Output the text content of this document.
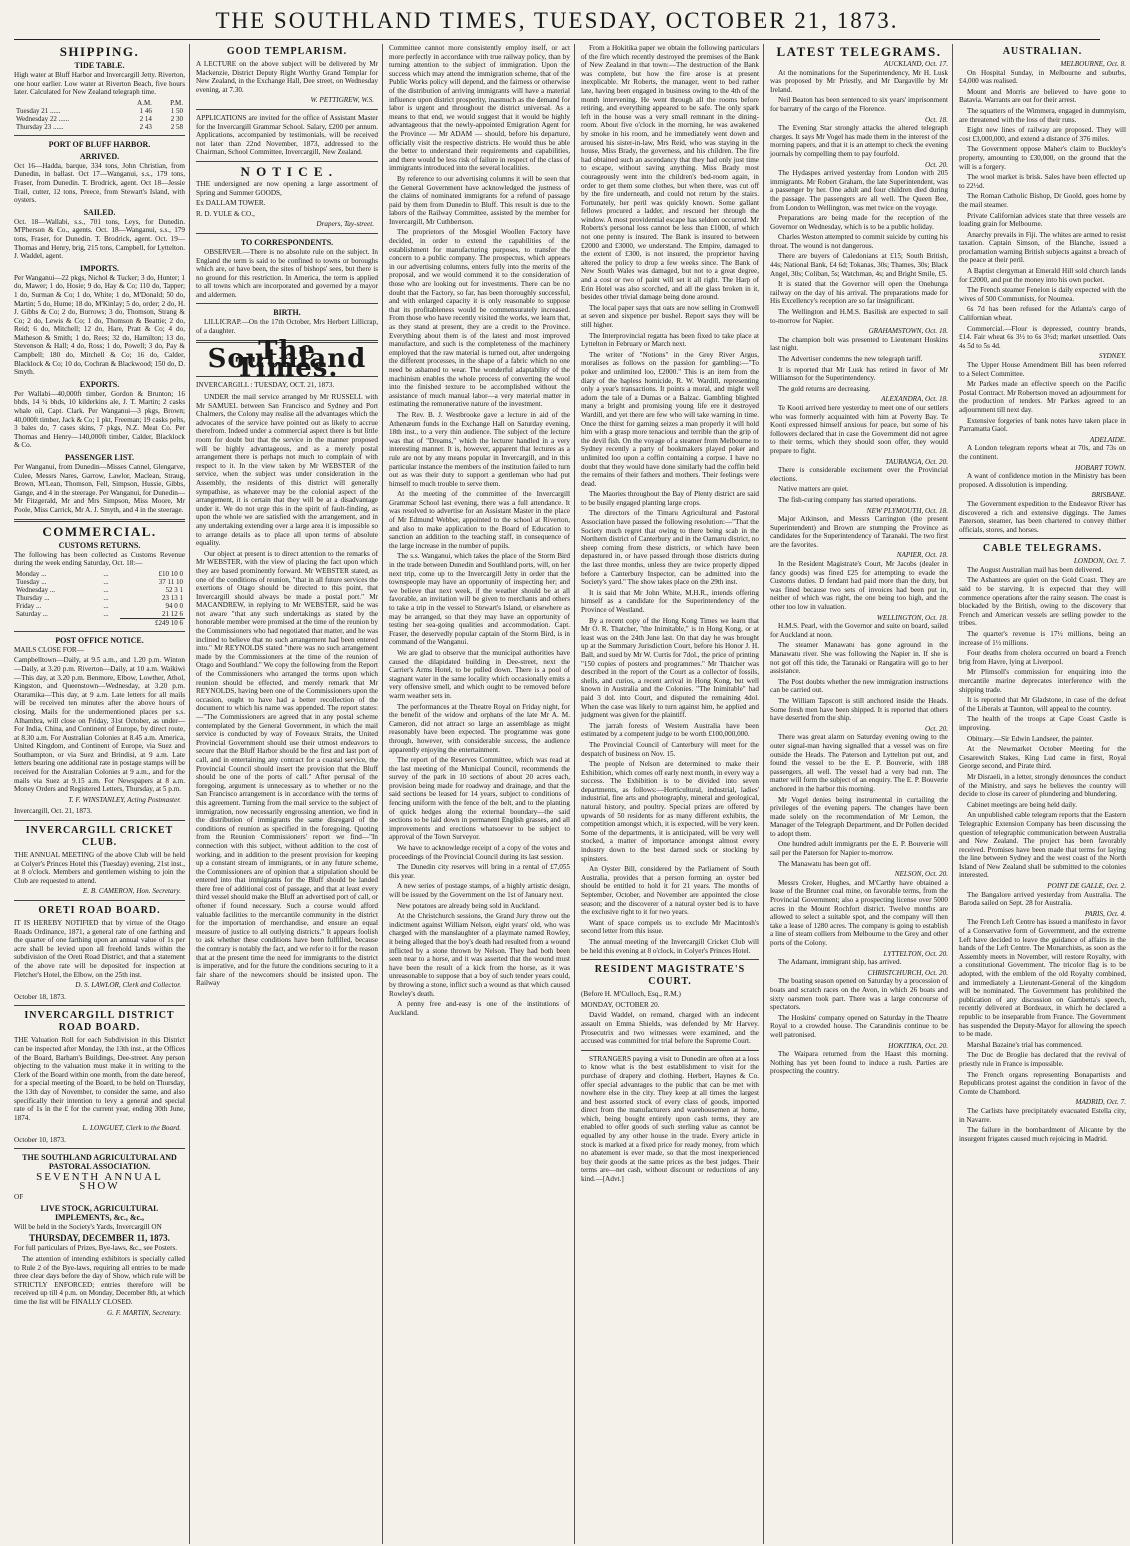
THE SOUTHLAND TIMES, TUESDAY, OCTOBER 21, 1873.
SHIPPING.
TIDE TABLE.

High water at Bluff Harbor and Invercargill Jetty. Riverton, one hour earlier. Low water at Riverton Beach, five hours later. Calculated for New Zealand telegraph time.

	A.M.	P.M.
Tuesday 21 ......	1 46	1 50
Wednesday 22 ......	2 14	2 30
Thursday 23 ......	2 43	2 58
PORT OF BLUFF HARBOR.
ARRIVED.

Oct 16—Hadda, barque, 334 tons, John Christian, from Dunedin, in ballast. Oct 17—Wanganui, s.s., 179 tons, Fraser, from Dunedin. T. Brodrick, agent. Oct 18—Jessie Trail, cutter, 12 tons, Preece, from Stewart's Island, with oysters.

SAILED.

Oct. 18—Wallabi, s.s., 701 tons, Leys, for Dunedin. M'Pherson & Co., agents. Oct. 18—Wanganui, s.s., 179 tons, Fraser, for Dunedin. T. Brodrick, agent. Oct. 19—Thomas and Henry, brig, 215 tons, Campbell, for Lyttelton. J. Waddel, agent.

IMPORTS.

Per Wanganui—22 pkgs, Nichol & Tucker; 3 do, Hunter; 1 do, Mawer; 1 do, Hosie; 9 do, Hay & Co; 110 do, Tapper; 1 do, Surman & Co; 1 do, White; 1 do, M'Donald; 50 do, Martin; 5 do, Hume; 18 do, M'Kinlay; 5 do, order; 2 do, H. J. Gibbs & Co; 2 do, Burrows; 3 do, Thomson, Strang & Co; 2 do, Lewis & Co; 1 do, Thomson & Beattie; 2 do, Reid; 6 do, Mitchell; 12 do, Hare, Pratt & Co; 4 do, Matheson & Smith; 1 do, Rees; 32 do, Hamilton; 13 do, Stevenson & Hall; 4 do, Ross; 1 do, Powell; 3 do, Pay & Campbell; 180 do, Mitchell & Co; 16 do, Calder, Blacklock & Co; 10 do, Cochran & Blackwood; 150 do, D. Smyth.

EXPORTS.

Per Wallabi—40,000ft timber, Gordon & Brunton; 16 bhds, 14 ¼ bhds, 10 kilderkins ale, J. T. Martin; 2 casks whale oil, Capt. Clark. Per Wanganui—3 pkgs, Brown; 40,000ft timber, Jack & Co; 1 pkt, Freeman; 19 casks pelts, 3 bales do, 7 cases skins, 7 pkgs, N.Z. Meat Co. Per Thomas and Henry—140,000ft timber, Calder, Blacklock & Co.

PASSENGER LIST.

Per Wanganui, from Dunedin—Misses Cannel, Glengarve, Culee, Messrs Nares, Garrow, Lawlor, Maclean, Straug, Brown, M'Lean, Thomson, Fell, Simpson, Hussie, Gibbs, Gange, and 4 in the steerage. Per Wanganui, for Dunedin—Mr Fitzgerald, Mr and Mrs Simpson, Miss Moore, Mr Poole, Miss Carrick, Mr A. J. Smyth, and 4 in the steerage.

COMMERCIAL.
CUSTOMS RETURNS.

The following has been collected as Customs Revenue during the week ending Saturday, Oct. 18:—

Monday ...	...	£10 10 0
Tuesday ...	...	37 11 10
Wednesday ...	...	52 3 1
Thursday ...	...	23 13 1
Friday ...	...	94 0 0
Saturday ...	...	21 12 6
		£249 10 6
POST OFFICE NOTICE.

MAILS CLOSE FOR—

Campbelltown—Daily, at 9.5 a.m., and 1.20 p.m. Winton—Daily, at 3.20 p.m. Riverton—Daily, at 10 a.m. Waikiwi—This day, at 3.20 p.m. Benmore, Elbow, Lowther, Athol, Kingston, and Queenstown—Wednesday, at 3.20 p.m. Otaramika—This day, at 9 a.m. Late letters for all mails will be received ten minutes after the above hours of closing. Mails for the undermentioned places per s.s. Alhambra, will close on Friday, 31st October, as under— For India, China, and Continent of Europe, by direct route, at 8.30 a.m. For Australian Colonies at 8.45 a.m. America, United Kingdom, and Continent of Europe, via Suez and Southampton, or via Suez and Brindisi, at 9 a.m. Late letters bearing one additional rate in postage stamps will be received for the Australian Colonies at 9 a.m., and for the mails via Suez at 9.15 a.m. For Newspapers at 8 a.m. Money Orders and Registered Letters, Thursday, at 5 p.m.

T. F. WINSTANLEY, Acting Postmaster.

Invercargill, Oct. 21, 1873.

INVERCARGILL CRICKET CLUB.

THE ANNUAL MEETING of the above Club will be held at Colyer's Princes Hotel this (Tuesday) evening, 21st inst., at 8 o'clock. Members and gentlemen wishing to join the Club are requested to attend.

E. B. CAMERON, Hon. Secretary.
ORETI ROAD BOARD.

IT IS HEREBY NOTIFIED that by virtue of the Otago Roads Ordinance, 1871, a general rate of one farthing and the quarter of one farthing upon an annual value of 1s per acre shall be levied upon all freehold lands within the subdivision of the Oreti Road District, and that a statement of the above rate will be deposited for inspection at Fletcher's Hotel, the Elbow, on the 25th inst.

D. S. LAWLOR, Clerk and Collector.

October 18, 1873.

INVERCARGILL DISTRICT ROAD BOARD.

THE Valuation Roll for each Subdivision in this District can be inspected after Monday, the 13th inst., at the Offices of the Board, Barham's Buildings, Dee-street. Any person objecting to the valuation must make it in writing to the Clerk of the Board within one month, from the date hereof, for a special meeting of the Board, to be held on Thursday, the 13th day of November, to consider the same, and also specifically their intention to levy a general and special rate of 1s in the £ for the current year, ending 30th June, 1874.

L. LONGUET, Clerk to the Board.

October 10, 1873.

THE SOUTHLAND AGRICULTURAL AND PASTORAL ASSOCIATION.
SEVENTH ANNUAL SHOW

OF

LIVE STOCK, AGRICULTURAL IMPLEMENTS, &c., &c.,

Will be held in the Society's Yards, Invercargill ON

THURSDAY, DECEMBER 11, 1873.

For full particulars of Prizes, Bye-laws, &c., see Posters.

The attention of intending exhibitors is specially called to Rule 2 of the Bye-laws, requiring all entries to be made three clear days before the day of Show, which rule will be STRICTLY ENFORCED; entries therefore will be received up till 4 p.m. on Monday, December 8th, at which time the list will be FINALLY CLOSED.

G. F. MARTIN, Secretary.
GOOD TEMPLARISM.

A LECTURE on the above subject will be delivered by Mr Mackenzie, District Deputy Right Worthy Grand Templar for New Zealand, in the Exchange Hall, Dee street, on Wednesday evening, at 7.30.

W. PETTIGREW, W.S.

APPLICATIONS are invited for the office of Assistant Master for the Invercargill Grammar School. Salary, £200 per annum. Applications, accompanied by testimonials, will be received not later than 22nd November, 1873, addressed to the Chairman, School Committee, Invercargill, New Zealand.

N O T I C E .

THE undersigned are now opening a large assortment of Spring and Summer GOODS,

Ex DALLAM TOWER.

R. D. YULE & CO.,

Drapers, Tay-street.
TO CORRESPONDENTS.

OBSERVER.—There is no absolute rule on the subject. In England the term is said to be confined to towns or boroughs which are, or have been, the sites of bishops' sees, but there is no ground for this restriction. In America, the term is applied to all towns which are incorporated and governed by a mayor and aldermen.

BIRTH.

LILLICRAP.—On the 17th October, Mrs Herbert Lillicrap, of a daughter.

The Southland Times.
INVERCARGILL : TUESDAY, OCT. 21, 1873.

UNDER the mail service arranged by Mr RUSSELL with Mr SAMUEL between San Francisco and Sydney and Port Chalmers, the Colony may realise all the advantages which the advocates of the service have pointed out as likely to accrue therefrom. Indeed under a commercial aspect there is but little room for doubt but that the service in the manner proposed will be highly advantageous, and as a merely postal arrangement there is perhaps not much to complain of with respect to it. In the view taken by Mr WEBSTER of the service, when the subject was under consideration in the Assembly, the residents of this district will generally sympathise, as whatever may be the colonial aspect of the arrangement, it is certain that they will be at a disadvantage under it. We do not urge this in the spirit of fault-finding, as upon the whole we are satisfied with the arrangement, and in any undertaking extending over a large area it is impossible so to arrange details as to place all upon terms of absolute equality.

Our object at present is to direct attention to the remarks of Mr WEBSTER, with the view of placing the fact upon which they are based prominently forward. Mr WEBSTER stated, as one of the conditions of reunion, "that in all future services the exertions of Otago should be directed to this point, that Invercargill should always be made a postal port." Mr MACANDREW, in replying to Mr WEBSTER, said he was not aware "that any such undertakings as stated by the honorable member were promised at the time of the reunion by the Commissioners who had negotiated that matter, and he was inclined to believe that no such arrangement had been entered into." Mr REYNOLDS stated "there was no such arrangement made by the Commissioners at the time of the reunion of Otago and Southland." We copy the following from the Report of the Commissioners who arranged the terms upon which reunion should be effected, and merely remark that Mr REYNOLDS, having been one of the Commissioners upon the occasion, ought to have had a better recollection of the document to which his name was appended. The report states:—"The Commissioners are agreed that in any postal scheme contemplated by the General Government, in which the mail service is conducted by way of Foveaux Straits, the United Provincial Government should use their utmost endeavors to secure that the Bluff Harbor should be the first and last port of call, and in entertaining any contract for a coastal service, the Provincial Council should insert the provision that the Bluff should be one of the ports of call." After perusal of the foregoing, argument is unnecessary as to whether or no the San Francisco arrangement is in accordance with the terms of this agreement. Turning from the mail service to the subject of immigration, now necessarily engrossing attention, we find in the distribution of immigrants the same disregard of the conditions of reunion as specified in the foregoing. Quoting from the Reunion Commissioners' report we find—"In connection with this subject, without addition to the cost of working, and in addition to the present provision for keeping up a constant stream of immigrants, or in any future scheme, the Commissioners are of opinion that a stipulation should be entered into that immigrants for the Bluff should be landed there free of additional cost of passage, and that at least every third vessel should make the Bluff an advertised port of call, or oftener if found necessary. Such a course would afford valuable facilities to the mercantile community in the district for the importation of merchandise, and ensure an equal measure of justice to all outlying districts." It appears foolish to ask whether these conditions have been fulfilled, because the contrary is notably the fact, and we refer to it for the reason that at the present time the need for immigrants to the district is imperative, and for the future the conditions securing to it a fair share of the newcomers should be insisted upon. The Railway

Committee cannot more consistently employ itself, or act more perfectly in accordance with true railway policy, than by turning attention to the subject of immigration. Upon the success which may attend the immigration scheme, that of the Public Works policy will depend, and the fairness or otherwise of the distribution of arriving immigrants will have a material influence upon district prosperity, inasmuch as the demand for labor is urgent and throughout the district universal. As a means to that end, we would suggest that it would be highly advantageous that the newly-appointed Emigration Agent for the Province — Mr ADAM — should, before his departure, officially visit the respective districts. He would thus be able the better to understand their requirements and capabilities, and there would be less risk of failure in respect of the class of immigrants introduced into the several localities.

By reference to our advertising columns it will be seen that the General Government have acknowledged the justness of the claims of nominated immigrants for a refund of passage paid by them from Dunedin to Bluff. This result is due to the labors of the Railway Committee, assisted by the member for Invercargill, Mr Cuthbertson.

The proprietors of the Mosgiel Woollen Factory have decided, in order to extend the capabilities of the establishment for manufacturing purposes, to transfer the concern to a public company. The prospectus, which appears in our advertising columns, enters fully into the merits of the proposal, and we would commend it to the consideration of those who are looking out for investments. There can be no doubt that the Factory, so far, has been thoroughly successful, and with enlarged capacity it is only reasonable to suppose that its profitableness would be commensurately increased. From those who have recently visited the works, we learn that, as they stand at present, they are a credit to the Province. Everything about them is of the latest and most improved manufacture, and such is the completeness of the machinery employed that the raw material is turned out, after undergoing the different processes, in the shape of a fabric which no one need be ashamed to wear. The wonderful adaptability of the machinism enables the whole process of converting the wool into the finished texture to be accomplished without the assistance of much manual labor—a very material matter in estimating the remunerative nature of the investment.

The Rev. B. J. Westbrooke gave a lecture in aid of the Athenæum funds in the Exchange Hall on Saturday evening, 18th inst., to a very thin audience. The subject of the lecture was that of "Dreams," which the lecturer handled in a very interesting manner. It is, however, apparent that lectures as a rule are not by any means popular in Invercargill, and in this particular instance the members of the institution failed to turn out as was their duty to support a gentleman who had put himself to much trouble to serve them.

At the meeting of the committee of the Invercargill Grammar School last evening, there was a full attendance. It was resolved to advertise for an Assistant Master in the place of Mr Edmund Webber, appointed to the school at Riverton, and also to make application to the Board of Education to sanction an addition to the teaching staff, in consequence of the large increase in the number of pupils.

The s.s. Wanganui, which takes the place of the Storm Bird in the trade between Dunedin and Southland ports, will, on her next trip, come up to the Invercargill Jetty in order that the townspeople may have an opportunity of inspecting her; and we believe that next week, if the weather should be at all favorable, an invitation will be given to merchants and others to take a trip in the vessel to Stewart's Island, or elsewhere as may be arranged, so that they may have an opportunity of testing her sea-going qualities and accommodation. Capt. Fraser, the deservedly popular captain of the Storm Bird, is in command of the Wanganui.

We are glad to observe that the municipal authorities have caused the dilapidated building in Dee-street, next the Carrier's Arms Hotel, to be pulled down. There is a pool of stagnant water in the same locality which occasionally emits a very offensive smell, and which ought to be removed before warm weather sets in.

The performances at the Theatre Royal on Friday night, for the benefit of the widow and orphans of the late Mr A. M. Cameron, did not attract so large an assemblage as might reasonably have been expected. The programme was gone through, however, with considerable success, the audience apparently enjoying the entertainment.

The report of the Reserves Committee, which was read at the last meeting of the Municipal Council, recommends the survey of the park in 10 sections of about 20 acres each, provision being made for roadway and drainage, and that the said sections be leased for 14 years, subject to conditions of fencing uniform with the fence of the belt, and to the planting of quick hedges along the external boundary—the said sections to be laid down in permanent English grasses, and all improvements and erections whatsoever to be subject to approval of the Town Surveyor.

We have to acknowledge receipt of a copy of the votes and proceedings of the Provincial Council during its last session.

The Dunedin city reserves will bring in a rental of £7,055 this year.

A new series of postage stamps, of a highly artistic design, will be issued by the Government on the 1st of January next.

New potatoes are already being sold in Auckland.

At the Christchurch sessions, the Grand Jury threw out the indictment against William Nelson, eight years' old, who was charged with the manslaughter of a playmate named Rowley, it being alleged that the boy's death had resulted from a wound inflicted by a stone thrown by Nelson. They had both been seen near to a horse, and it was asserted that the wound must have been the result of a kick from the horse, as it was unreasonable to suppose that a boy of such tender years could, by throwing a stone, inflict such a wound as that which caused Rowley's death.

A penny free and-easy is one of the institutions of Auckland.

From a Hokitika paper we obtain the following particulars of the fire which recently destroyed the premises of the Bank of New Zealand in that town:—The destruction of the Bank was complete, but how the fire arose is at present inexplicable. Mr Roberts, the manager, went to bed rather late, having been engaged in business owing to the 4th of the month intervening. He went through all the rooms before retiring, and everything appeared to be safe. The only spark left in the house was a very small remnant in the dining-room. About five o'clock in the morning, he was awakened by smoke in his room, and he immediately went down and aroused his sister-in-law, Mrs Reid, who was staying in the house, Miss Brady, the governess, and his children. The fire had obtained such an ascendancy that they had only just time to escape, without saving anything. Miss Brady most courageously went into the children's bed-room again, in order to get them some clothes, but when there, was cut off by the fire underneath, and could not return by the stairs. Fortunately, her peril was quickly known. Some gallant fellows procured a ladder, and rescued her through the window. A most providential escape has seldom occurred. Mr Roberts's personal loss cannot be less than £1000, of which not one penny is insured. The Bank is insured to between £2000 and £3000, we understand. The Empire, damaged to the extent of £300, is not insured, the proprietor having altered the policy to drop a few weeks since. The Bank of New South Wales was damaged, but not to a great degree, and a cost or two of paint will set it all right. The Harp of Erin Hotel was also scorched, and all the glass broken in it, besides other trivial damage being done around.

The local paper says that oats are now selling in Cromwell at seven and sixpence per bushel. Report says they will be still higher.

The Interprovincial regatta has been fixed to take place at Lyttelton in February or March next.

The writer of "Notions" in the Grey River Argus, moralises as follows on the passion for gambling:—"To poker and unlimited loo, £2000." This is an item from the diary of the hapless homicide, R. W. Wardill, representing only a year's transactions. It points a moral, and might well adorn the tale of a Dumas or a Balzac. Gambling blighted many a bright and promising young life ere it destroyed Wardill, and yet there are few who will take warning in time. Once the thirst for gaming seizes a man properly it will hold him with a grasp more tenacious and terrible than the grip of the devil fish. On the voyage of a steamer from Melbourne to Sydney recently a party of bookmakers played poker and unlimited loo upon a coffin containing a corpse. I have no doubt that they would have done similarly had the coffin held the remains of their fathers and mothers. Their feelings were dead.

The Maories throughout the Bay of Plenty district are said to be busily engaged planting large crops.

The directors of the Timaru Agricultural and Pastoral Association have passed the following resolution:—"That the Society much regret that owing to there being scab in the Northern district of Canterbury and in the Oamaru district, no sheep coming from these districts, or which have been depastured in, or have passed through those districts during the last three months, unless they are twice properly dipped before a Canterbury Inspector, can be admitted into the Society's yard." The show takes place on the 29th inst.

It is said that Mr John White, M.H.R., intends offering himself as a candidate for the Superintendency of the Province of Westland.

By a recent copy of the Hong Kong Times we learn that Mr O. R. Thatcher, "the Inimitable," is in Hong Kong, or at least was on the 24th June last. On that day he was brought up at the Summary Jurisdiction Court, before his Honor J. H. Ball, and sued by Mr W. Curtis for 7dol., the price of printing "150 copies of posters and programmes." Mr Thatcher was described in the report of the Court as a collector of fossils, shells, and curios, a recent arrival in Hong Kong, but well known in Australia and the Colonies. "The Inimitable" had paid 3 dol. into Court, and disputed the remaining 4dol. When the case was likely to turn against him, he applied and judgment was given for the plaintiff.

The jarrah forests of Western Australia have been estimated by a competent judge to be worth £100,000,000.

The Provincial Council of Canterbury will meet for the despatch of business on Nov. 15.

The people of Nelson are determined to make their Exhibition, which comes off early next month, in every way a success. The Exhibition is to be divided into seven departments, as follows:—Horticultural, industrial, ladies' industrial, fine arts and photography, mineral and geological, natural history, and poultry. Special prizes are offered by upwards of 50 residents for as many different exhibits, the competition amongst which, it is expected, will be very keen. Some of the departments, it is anticipated, will be very well stocked, a matter of importance amongst almost every industry down to the best darned sock or stocking by spinsters.

An Oyster Bill, considered by the Parliament of South Australia, provides that a person forming an oyster bed should be entitled to hold it for 21 years. The months of September, October, and November are appointed the close season; and the discoverer of a natural oyster bed is to have the exclusive right to it for two years.

Want of space compels us to exclude Mr Macintosh's second letter from this issue.

The annual meeting of the Invercargill Cricket Club will be held this evening at 8 o'clock, in Colyer's Princes Hotel.

RESIDENT MAGISTRATE'S COURT.

(Before H. M'Culloch, Esq., R.M.)

MONDAY, OCTOBER 20.

David Waddel, on remand, charged with an indecent assault on Emma Shields, was defended by Mr Harvey. Prosecutrix and two witnesses were examined, and the accused was committed for trial before the Supreme Court.

STRANGERS paying a visit to Dunedin are often at a loss to know what is the best establishment to visit for the purchase of drapery and clothing. Herbert, Haynes & Co. offer special advantages to the public that can be met with nowhere else in the city. They keep at all times the largest and best assorted stock of every class of goods, imported direct from the manufacturers and warehousemen at home, which, being bought entirely upon cash terms, they are enabled to offer goods of such sterling value as cannot be equalled by any other house in the trade. Every article in stock is marked at a fixed price for ready money, from which no abatement is ever made, so that the most inexperienced buy their goods at the same prices as the best judges. Their terms are—net cash, without discount or reductions of any kind.—[Advt.]

LATEST TELEGRAMS.
AUCKLAND, Oct. 17.

At the nominations for the Superintendency, Mr H. Lusk was proposed by Mr Priestly, and Mr Dargaville by Mr Ireland.

Neil Beaton has been sentenced to six years' imprisonment for barratry of the cargo of the Florence.

Oct. 18.

The Evening Star strongly attacks the altered telegraph charges. It says Mr Vogel has made them in the interest of the morning papers, and that it is an attempt to check the evening journals by compelling them to pay fourfold.

Oct. 20.

The Hydaspes arrived yesterday from London with 205 immigrants. Mr Robert Graham, the late Superintendent, was a passenger by her. One adult and four children died during the passage. The passengers are all well. The Queen Bee, from London to Wellington, was met twice on the voyage.

Preparations are being made for the reception of the Governor on Wednesday, which is to be a public holiday.

Charles Weston attempted to commit suicide by cutting his throat. The wound is not dangerous.

There are buyers of Caledonians at £15; South British, 44s; National Bank, £4 6d; Tokanas, 30s; Thames, 30s; Black Angel, 30s; Coliban, 5s; Watchman, 4s; and Bright Smile, £5.

It is stated that the Governor will open the Onehunga railway on the day of his arrival. The preparations made for His Excellency's reception are so far insignificant.

The Wellington and H.M.S. Basilisk are expected to sail to-morrow for Napier.

GRAHAMSTOWN, Oct. 18.

The champion bolt was presented to Lieutenant Hoskins last night.

The Advertiser condemns the new telegraph tariff.

It is reported that Mr Lusk has retired in favor of Mr Williamson for the Superintendency.

The gold returns are decreasing.

ALEXANDRA, Oct. 18.

Te Kooti arrived here yesterday to meet one of our settlers who was formerly acquainted with him at Poverty Bay. Te Kooti expressed himself anxious for peace, but some of his followers declared that in case the Government did not agree to their terms, which they should soon offer, they would prepare to fight.

TAURANGA, Oct. 20.

There is considerable excitement over the Provincial elections.

Native matters are quiet.

The fish-curing company has started operations.

NEW PLYMOUTH, Oct. 18.

Major Atkinson, and Messrs Carrington (the present Superintendent) and Brown are stumping the Province as candidates for the Superintendency of Taranaki. The two first are the favorites.

NAPIER, Oct. 18.

In the Resident Magistrate's Court, Mr Jacobs (dealer in fancy goods) was fined £25 for attempting to evade the Customs duties. D fendant had paid more than the duty, but was fined because two sets of invoices had been put in, neither of which was right, the one being too high, and the other too low in valuation.

WELLINGTON, Oct. 18.

H.M.S. Pearl, with the Governor and suite on board, sailed for Auckland at noon.

The steamer Manawatu has gone aground in the Manawatu river. She was following the Napier in. If she is not got off this tide, the Taranaki or Rangatira will go to her assistance.

The Post doubts whether the new immigration instructions can be carried out.

The William Tapscott is still anchored inside the Heads. Some fresh men have been shipped. It is reported that others have deserted from the ship.

Oct. 20.

There was great alarm on Saturday evening owing to the outer signal-man having signalled that a vessel was on fire outside the Heads. The Paterson and Lyttelton put out, and found the vessel to be the E. P. Bouverie, with 188 passengers, all well. The vessel had a very bad run. The matter will form the subject of an enquiry. The E. P. Bouverie anchored in the harbor this morning.

Mr Vogel denies being instrumental in curtailing the privileges of the evening papers. The changes have been made solely on the recommendation of Mr Lemon, the Manager of the Telegraph Department, and Dr Pollen decided to adopt them.

One hundred adult immigrants per the E. P. Bouverie will sail per the Paterson for Napier to-morrow.

The Manawatu has been got off.

NELSON, Oct. 20.

Messrs Croker, Hughes, and M'Carthy have obtained a lease of the Brunner coal mine, on favorable terms, from the Provincial Government; also a prospecting license over 5000 acres in the Mount Rochfort district. Twelve months are allowed to select a suitable spot, and the company will then take a lease of 1280 acres. The company is going to establish a line of steam colliers from Melbourne to the Grey and other ports of the Colony.

LYTTELTON, Oct. 20.

The Adamant, immigrant ship, has arrived.

CHRISTCHURCH, Oct. 20.

The boating season opened on Saturday by a procession of boats and scratch races on the Avon, in which 26 boats and sixty oarsmen took part. There was a large concourse of spectators.

The Hoskins' company opened on Saturday in the Theatre Royal to a crowded house. The Carandinis continue to be well patronised.

HOKITIKA, Oct. 20.

The Waipara returned from the Haast this morning. Nothing has yet been found to induce a rush. Parties are prospecting the country.

AUSTRALIAN.
MELBOURNE, Oct. 8.

On Hospital Sunday, in Melbourne and suburbs, £4,000 was realised.

Mount and Morris are believed to have gone to Batavia. Warrants are out for their arrest.

The squatters of the Wimmera, engaged in dummyism, are threatened with the loss of their runs.

Eight new lines of railway are proposed. They will cost £3,000,000, and extend a distance of 376 miles.

The Government oppose Maher's claim to Buckley's property, amounting to £30,000, on the ground that the will is a forgery.

The wool market is brisk. Sales have been effected up to 22½d.

The Roman Catholic Bishop, Dr Goold, goes home by the mail steamer.

Private Californian advices state that three vessels are loading grain for Melbourne.

Anarchy prevails in Fiji. The whites are armed to resist taxation. Captain Simson, of the Blanche, issued a proclamation warning British subjects against a breach of the peace at their peril.

A Baptist clergyman at Emerald Hill sold church lands for £2000, and put the money into his own pocket.

The French steamer Fenelon is daily expected with the wives of 500 Communists, for Noumea.

6s 7d has been refused for the Atlanta's cargo of Californian wheat.

Commercial.—Flour is depressed, country brands, £14. Fair wheat 6s 3½ to 6s 3½d; market unsettled. Oats 4s 5d to 5s 4d.

SYDNEY.

The Upper House Amendment Bill has been referred to a Select Committee.

Mr Parkes made an effective speech on the Pacific Postal Contract. Mr Robertson moved an adjournment for the production of tenders. Mr Parkes agreed to an adjournment till next day.

Extensive forgeries of bank notes have taken place in Parramatta Gaol.

ADELAIDE.

A London telegram reports wheat at 70s, and 73s on the continent.

HOBART TOWN.

A want of confidence motion in the Ministry has been proposed. A dissolution is impending.

BRISBANE.

The Government expedition to the Endeavor River has discovered a rich and extensive diggings. The James Paterson, steamer, has been chartered to convey thither officials, stores, and horses.

CABLE TELEGRAMS.
LONDON, Oct. 7.

The August Australian mail has been delivered.

The Ashantees are quiet on the Gold Coast. They are said to be starving. It is expected that they will commence operations after the rainy season. The coast is blockaded by the British, owing to the discovery that French and American vessels are selling powder to the tribes.

The quarter's revenue is 17½ millions, being an increase of 1½ millions.

Four deaths from cholera occurred on board a French brig from Havre, lying at Liverpool.

Mr Plimsoll's commission for enquiring into the mercantile marine deprecates interference with the shipping trade.

It is reported that Mr Gladstone, in case of the defeat of the Liberals at Taunton, will appeal to the country.

The health of the troops at Cape Coast Castle is improving.

Obituary.—Sir Edwin Landseer, the painter.

At the Newmarket October Meeting for the Cesarewitch Stakes, King Lud came in first, Royal George second, and Pirate third.

Mr Disraeli, in a letter, strongly denounces the conduct of the Ministry, and says he believes the country will decide to close its career of plundering and blundering.

Cabinet meetings are being held daily.

An unpublished cable telegram reports that the Eastern Telegraphic Extension Company has been discussing the question of telegraphic communication between Australia and New Zealand. The project has been favorably received. Promises have been made that terms for laying the line between Sydney and the west coast of the North Island of New Zealand shall be submitted to the colonies interested.

POINT DE GALLE, Oct. 2.

The Bangalore arrived yesterday from Australia. The Baroda sailed on Sept. 28 for Australia.

PARIS, Oct. 4.

The French Left Centre has issued a manifesto in favor of a Conservative form of Government, and the extreme Left have decided to leave the guidance of affairs in the hands of the Left Centre. The Monarchists, as soon as the Assembly meets in November, will restore Royalty, with a constitutional Government. The tricolor flag is to be adopted, with the emblem of the old Royalty combined, and immediately a Lieutenant-General of the kingdom will be nominated. The Government has prohibited the publication of any discussion on Gambetta's speech, recently delivered at Bordeaux, in which he declared a republic to be inseparable from France. The Government has suspended the Deputy-Mayor for allowing the speech to be made.

Marshal Bazaine's trial has commenced.

The Duc de Broglie has declared that the revival of priestly rule in France is impossible.

The French organs representing Bonapartists and Republicans protest against the condition in favor of the Comte de Chambord.

MADRID, Oct. 7.

The Carlists have precipitately evacuated Estella city, in Navarre.

The failure in the bombardment of Alicante by the insurgent frigates caused much rejoicing in Madrid.
